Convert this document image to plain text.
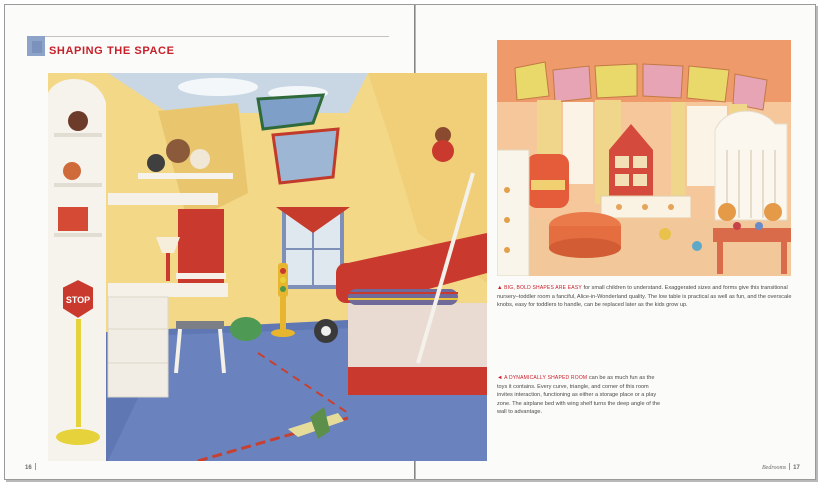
SHAPING THE SPACE
STOP
▲ BIG, BOLD SHAPES ARE EASY for small children to understand. Exaggerated sizes and forms give this transitional nursery–toddler room a fanciful, Alice-in-Wonderland quality. The low table is practical as well as fun, and the overscale knobs, easy for toddlers to handle, can be replaced later as the kids grow up.
◄ A DYNAMICALLY SHAPED ROOM can be as much fun as the toys it contains. Every curve, triangle, and corner of this room invites interaction, functioning as either a storage place or a play zone. The airplane bed with wing shelf turns the deep angle of the wall to advantage.
16	Bedrooms 17
